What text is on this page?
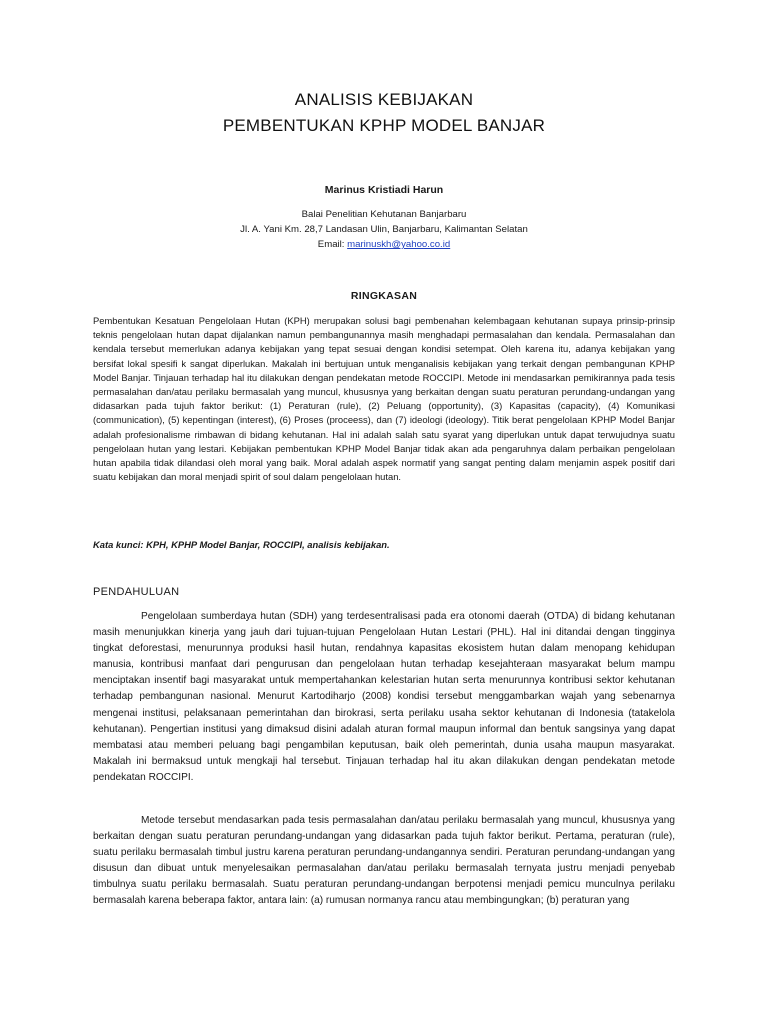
ANALISIS KEBIJAKAN
PEMBENTUKAN KPHP MODEL BANJAR
Marinus Kristiadi Harun
Balai Penelitian Kehutanan Banjarbaru
Jl. A. Yani Km. 28,7 Landasan Ulin, Banjarbaru, Kalimantan Selatan
Email: marinuskh@yahoo.co.id
RINGKASAN

Pembentukan Kesatuan Pengelolaan Hutan (KPH) merupakan solusi bagi pembenahan kelembagaan kehutanan supaya prinsip-prinsip teknis pengelolaan hutan dapat dijalankan namun pembangunannya masih menghadapi permasalahan dan kendala. Permasalahan dan kendala tersebut memerlukan adanya kebijakan yang tepat sesuai dengan kondisi setempat. Oleh karena itu, adanya kebijakan yang bersifat lokal spesifi k sangat diperlukan. Makalah ini bertujuan untuk menganalisis kebijakan yang terkait dengan pembangunan KPHP Model Banjar. Tinjauan terhadap hal itu dilakukan dengan pendekatan metode ROCCIPI. Metode ini mendasarkan pemikirannya pada tesis permasalahan dan/atau perilaku bermasalah yang muncul, khususnya yang berkaitan dengan suatu peraturan perundang-undangan yang didasarkan pada tujuh faktor berikut: (1) Peraturan (rule), (2) Peluang (opportunity), (3) Kapasitas (capacity), (4) Komunikasi (communication), (5) kepentingan (interest), (6) Proses (proceess), dan (7) ideologi (ideology). Titik berat pengelolaan KPHP Model Banjar adalah profesionalisme rimbawan di bidang kehutanan. Hal ini adalah salah satu syarat yang diperlukan untuk dapat terwujudnya suatu pengelolaan hutan yang lestari. Kebijakan pembentukan KPHP Model Banjar tidak akan ada pengaruhnya dalam perbaikan pengelolaan hutan apabila tidak dilandasi oleh moral yang baik. Moral adalah aspek normatif yang sangat penting dalam menjamin aspek positif dari suatu kebijakan dan moral menjadi spirit of soul dalam pengelolaan hutan.

Kata kunci: KPH, KPHP Model Banjar, ROCCIPI, analisis kebijakan.
PENDAHULUAN

Pengelolaan sumberdaya hutan (SDH) yang terdesentralisasi pada era otonomi daerah (OTDA) di bidang kehutanan masih menunjukkan kinerja yang jauh dari tujuan-tujuan Pengelolaan Hutan Lestari (PHL). Hal ini ditandai dengan tingginya tingkat deforestasi, menurunnya produksi hasil hutan, rendahnya kapasitas ekosistem hutan dalam menopang kehidupan manusia, kontribusi manfaat dari pengurusan dan pengelolaan hutan terhadap kesejahteraan masyarakat belum mampu menciptakan insentif bagi masyarakat untuk mempertahankan kelestarian hutan serta menurunnya kontribusi sektor kehutanan terhadap pembangunan nasional. Menurut Kartodiharjo (2008) kondisi tersebut menggambarkan wajah yang sebenarnya mengenai institusi, pelaksanaan pemerintahan dan birokrasi, serta perilaku usaha sektor kehutanan di Indonesia (tatakelola kehutanan). Pengertian institusi yang dimaksud disini adalah aturan formal maupun informal dan bentuk sangsinya yang dapat membatasi atau memberi peluang bagi pengambilan keputusan, baik oleh pemerintah, dunia usaha maupun masyarakat. Makalah ini bermaksud untuk mengkaji hal tersebut. Tinjauan terhadap hal itu akan dilakukan dengan pendekatan metode pendekatan ROCCIPI.

Metode tersebut mendasarkan pada tesis permasalahan dan/atau perilaku bermasalah yang muncul, khususnya yang berkaitan dengan suatu peraturan perundang-undangan yang didasarkan pada tujuh faktor berikut. Pertama, peraturan (rule), suatu perilaku bermasalah timbul justru karena peraturan perundang-undangannya sendiri. Peraturan perundang-undangan yang disusun dan dibuat untuk menyelesaikan permasalahan dan/atau perilaku bermasalah ternyata justru menjadi penyebab timbulnya suatu perilaku bermasalah. Suatu peraturan perundang-undangan berpotensi menjadi pemicu munculnya perilaku bermasalah karena beberapa faktor, antara lain: (a) rumusan normanya rancu atau membingungkan; (b) peraturan yang
